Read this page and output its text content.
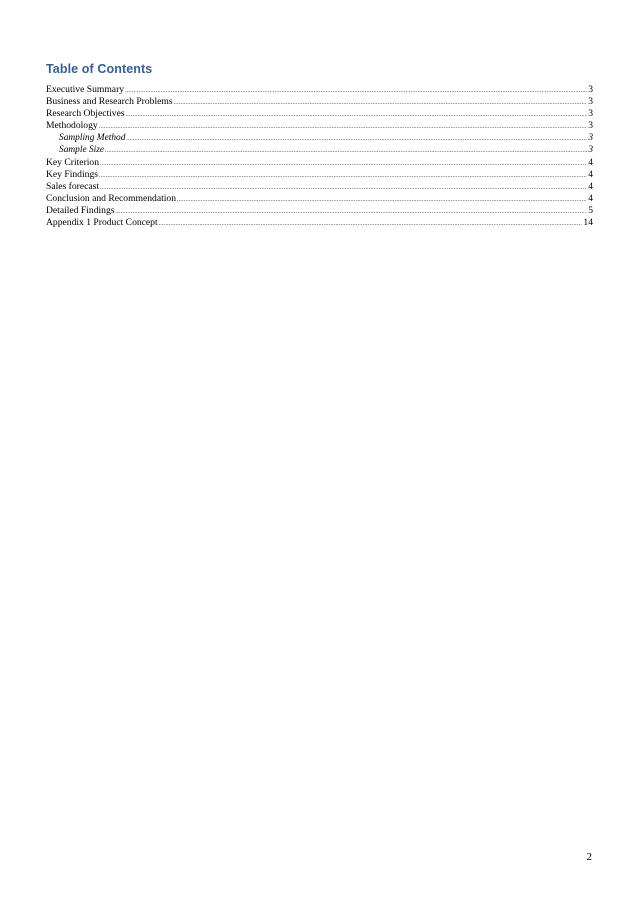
Table of Contents
Executive Summary .....	3
Business and Research Problems .....	3
Research Objectives .....	3
Methodology .....	3
Sampling Method .....	3
Sample Size .....	3
Key Criterion .....	4
Key Findings .....	4
Sales forecast .....	4
Conclusion and Recommendation .....	4
Detailed Findings .....	5
Appendix 1 Product Concept .....	14
2
